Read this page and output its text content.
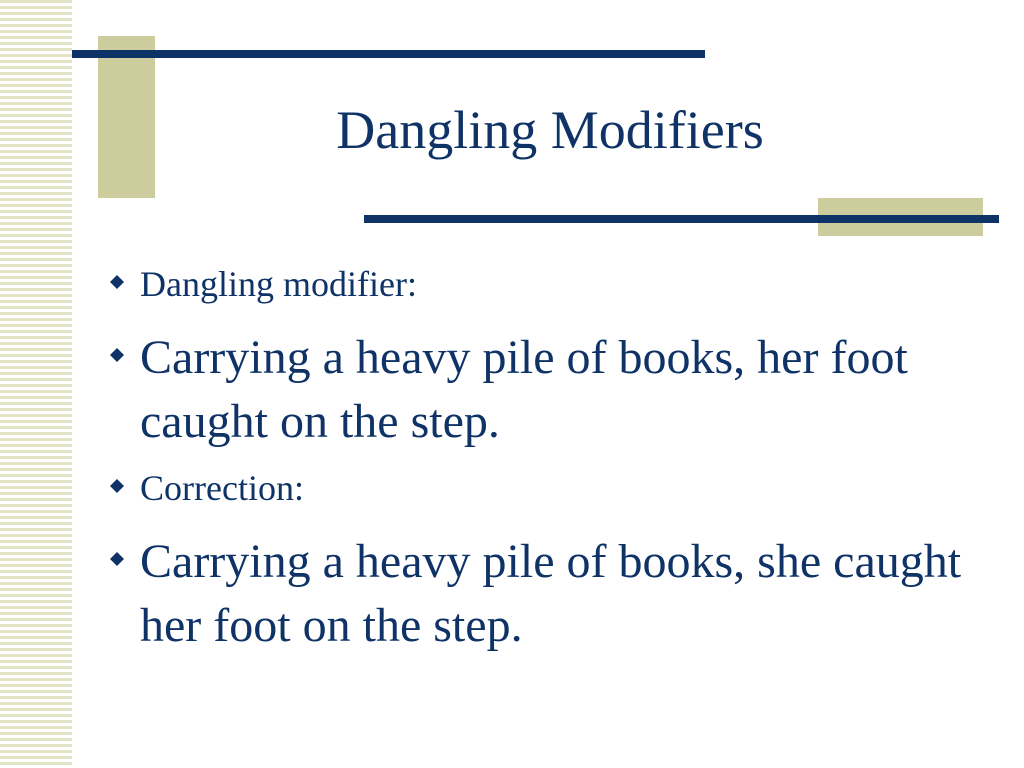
Dangling Modifiers
Dangling modifier:
Carrying a heavy pile of books, her foot caught on the step.
Correction:
Carrying a heavy pile of books, she caught her foot on the step.
